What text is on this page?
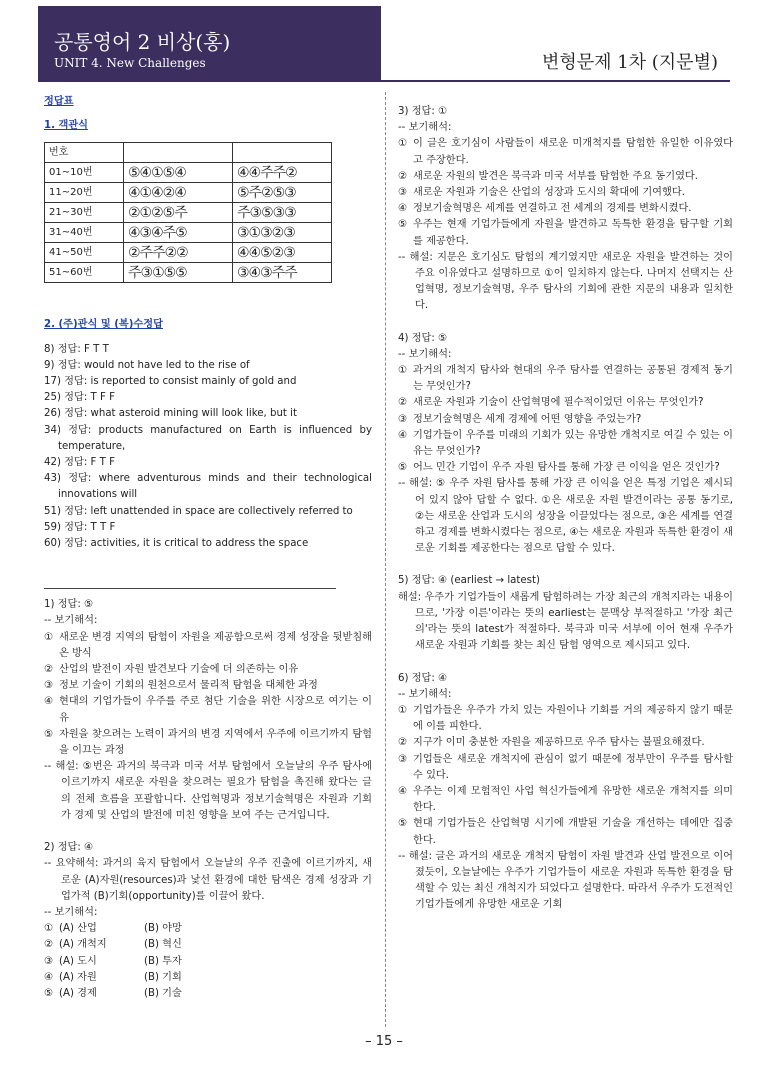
공통영어 2 비상(홍)
UNIT 4. New Challenges	변형문제 1차 (지문별)
정답표
1. 객관식
번호		
01~10번	⑤④①⑤④	④④주주②
11~20번	④①④②④	⑤주②⑤③
21~30번	②①②⑤주	주③⑤③③
31~40번	④③④주⑤	③①③②③
41~50번	②주주②②	④④⑤②③
51~60번	주③①⑤⑤	③④③주주
2. (주)관식 및 (복)수정답
8) 정답: F T T
9) 정답: would not have led to the rise of
17) 정답: is reported to consist mainly of gold and
25) 정답: T F F
26) 정답: what asteroid mining will look like, but it
34) 정답: products manufactured on Earth is influenced by temperature,
42) 정답: F T F
43) 정답: where adventurous minds and their technological innovations will
51) 정답: left unattended in space are collectively referred to
59) 정답: T T F
60) 정답: activities, it is critical to address the space
1) 정답: ⑤
-- 보기해석:
① 새로운 변경 지역의 탐험이 자원을 제공함으로써 경제 성장을 뒷받침해 온 방식
② 산업의 발전이 자원 발견보다 기술에 더 의존하는 이유
③ 정보 기술이 기회의 원천으로서 물리적 탐험을 대체한 과정
④ 현대의 기업가들이 우주를 주로 첨단 기술을 위한 시장으로 여기는 이유
⑤ 자원을 찾으려는 노력이 과거의 변경 지역에서 우주에 이르기까지 탐험을 이끄는 과정
-- 해설: ⑤번은 과거의 북극과 미국 서부 탐험에서 오늘날의 우주 탐사에 이르기까지 새로운 자원을 찾으려는 필요가 탐험을 촉진해 왔다는 글의 전체 흐름을 포괄합니다. 산업혁명과 정보기술혁명은 자원과 기회가 경제 및 산업의 발전에 미친 영향을 보여 주는 근거입니다.
2) 정답: ④
-- 요약해석: 과거의 육지 탐험에서 오늘날의 우주 진출에 이르기까지, 새로운 (A)자원(resources)과 낯선 환경에 대한 탐색은 경제 성장과 기업가적 (B)기회(opportunity)를 이끌어 왔다.
-- 보기해석:
① (A) 산업	(B) 야망
② (A) 개척지	(B) 혁신
③ (A) 도시	(B) 투자
④ (A) 자원	(B) 기회
⑤ (A) 경제	(B) 기술
3) 정답: ①
-- 보기해석:
① 이 글은 호기심이 사람들이 새로운 미개척지를 탐험한 유일한 이유였다고 주장한다.
② 새로운 자원의 발견은 북극과 미국 서부를 탐험한 주요 동기였다.
③ 새로운 자원과 기술은 산업의 성장과 도시의 확대에 기여했다.
④ 정보기술혁명은 세계를 연결하고 전 세계의 경제를 변화시켰다.
⑤ 우주는 현재 기업가들에게 자원을 발견하고 독특한 환경을 탐구할 기회를 제공한다.
-- 해설: 지문은 호기심도 탐험의 계기였지만 새로운 자원을 발견하는 것이 주요 이유였다고 설명하므로 ①이 일치하지 않는다. 나머지 선택지는 산업혁명, 정보기술혁명, 우주 탐사의 기회에 관한 지문의 내용과 일치한다.
4) 정답: ⑤
-- 보기해석:
① 과거의 개척지 탐사와 현대의 우주 탐사를 연결하는 공통된 경제적 동기는 무엇인가?
② 새로운 자원과 기술이 산업혁명에 필수적이었던 이유는 무엇인가?
③ 정보기술혁명은 세계 경제에 어떤 영향을 주었는가?
④ 기업가들이 우주를 미래의 기회가 있는 유망한 개척지로 여길 수 있는 이유는 무엇인가?
⑤ 어느 민간 기업이 우주 자원 탐사를 통해 가장 큰 이익을 얻은 것인가?
-- 해설: ⑤ 우주 자원 탐사를 통해 가장 큰 이익을 얻은 특정 기업은 제시되어 있지 않아 답할 수 없다. ①은 새로운 자원 발견이라는 공통 동기로, ②는 새로운 산업과 도시의 성장을 이끌었다는 점으로, ③은 세계를 연결하고 경제를 변화시켰다는 점으로, ④는 새로운 자원과 독특한 환경이 새로운 기회를 제공한다는 점으로 답할 수 있다.
5) 정답: ④ (earliest → latest)
해설: 우주가 기업가들이 새롭게 탐험하려는 가장 최근의 개척지라는 내용이므로, '가장 이른'이라는 뜻의 earliest는 문맥상 부적절하고 '가장 최근의'라는 뜻의 latest가 적절하다. 북극과 미국 서부에 이어 현재 우주가 새로운 자원과 기회를 찾는 최신 탐험 영역으로 제시되고 있다.
6) 정답: ④
-- 보기해석:
① 기업가들은 우주가 가치 있는 자원이나 기회를 거의 제공하지 않기 때문에 이를 피한다.
② 지구가 이미 충분한 자원을 제공하므로 우주 탐사는 불필요해졌다.
③ 기업들은 새로운 개척지에 관심이 없기 때문에 정부만이 우주를 탐사할 수 있다.
④ 우주는 이제 모험적인 사업 혁신가들에게 유망한 새로운 개척지를 의미한다.
⑤ 현대 기업가들은 산업혁명 시기에 개발된 기술을 개선하는 데에만 집중한다.
-- 해설: 글은 과거의 새로운 개척지 탐험이 자원 발견과 산업 발전으로 이어졌듯이, 오늘날에는 우주가 기업가들이 새로운 자원과 독특한 환경을 탐색할 수 있는 최신 개척지가 되었다고 설명한다. 따라서 우주가 도전적인 기업가들에게 유망한 새로운 기회
– 15 –
